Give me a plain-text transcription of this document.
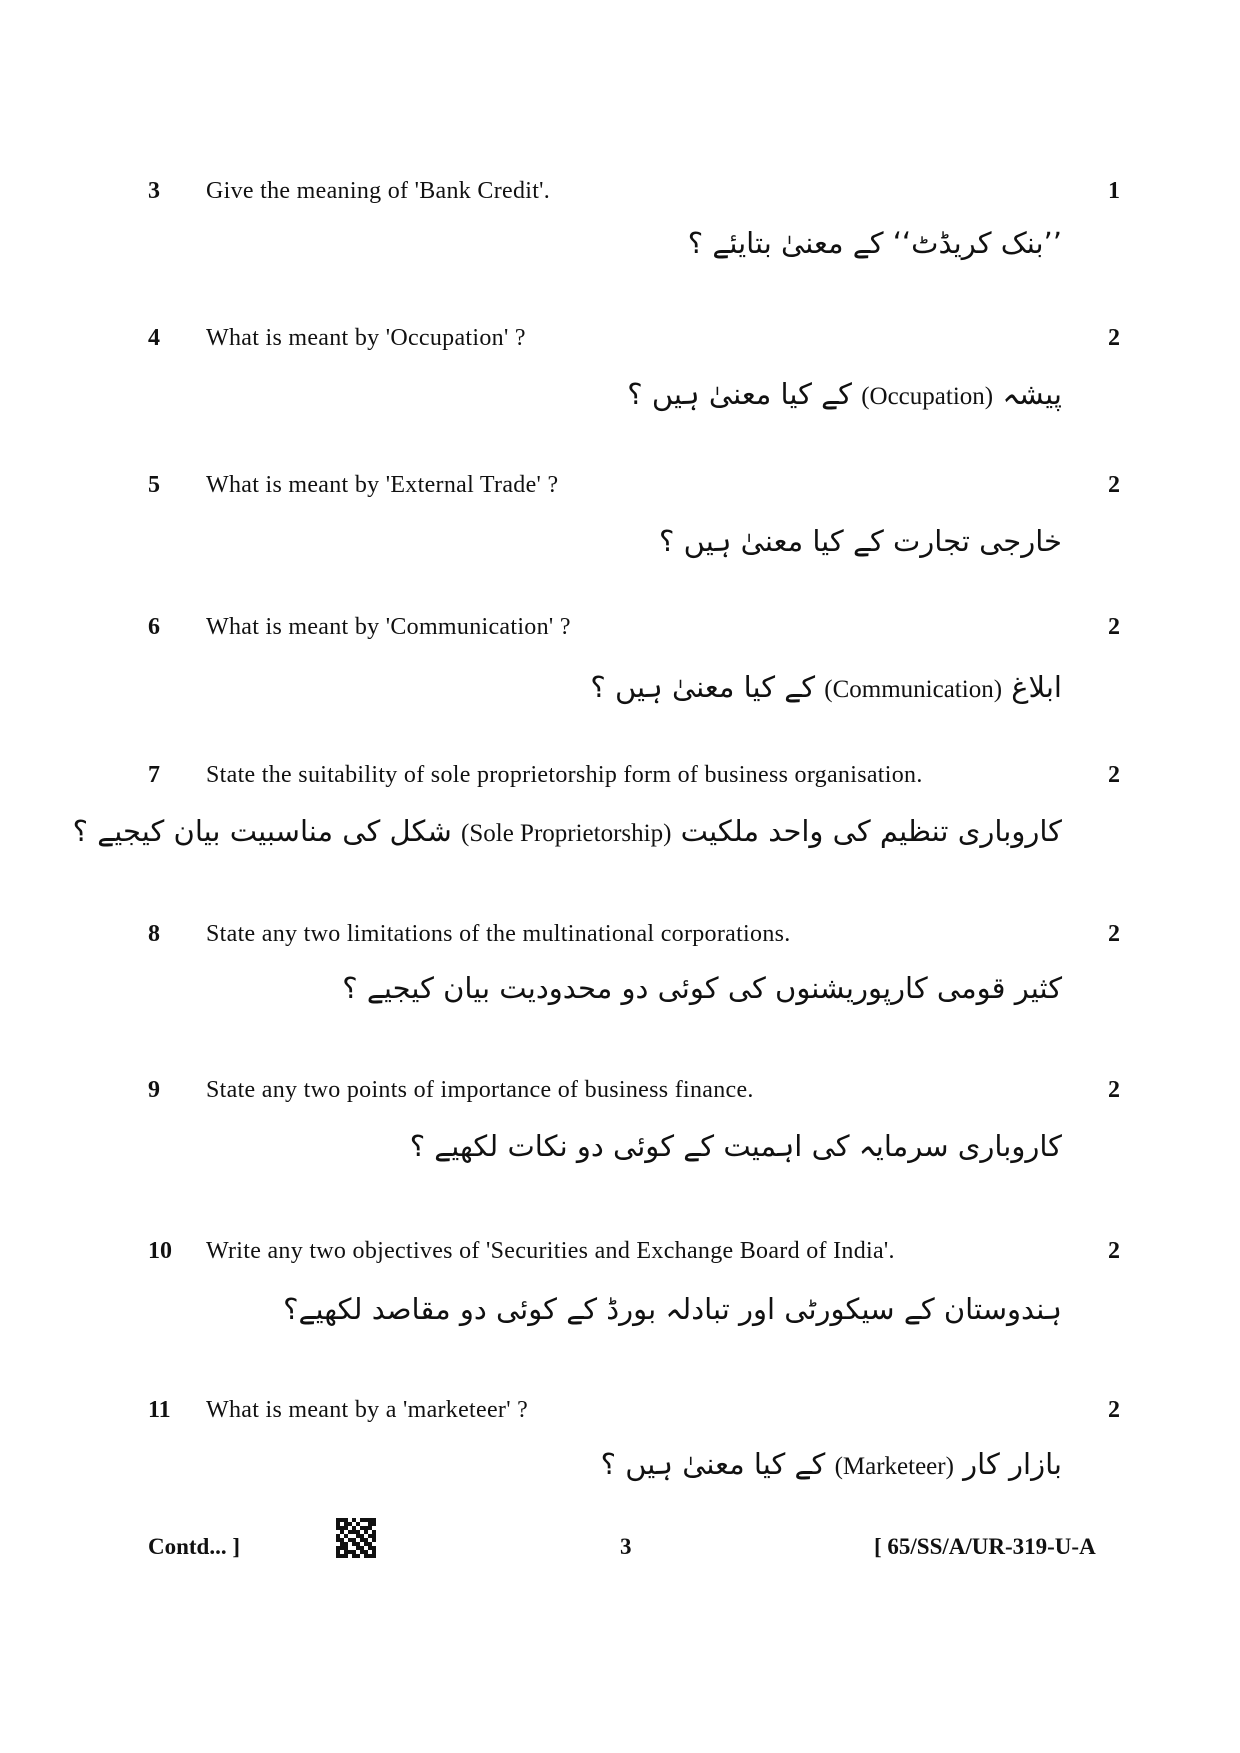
3 Give the meaning of 'Bank Credit'.	1
’’بنک کریڈٹ‘‘ کے معنیٰ بتایئے ؟
4 What is meant by 'Occupation' ?	2
پیشہ (Occupation) کے کیا معنیٰ ہیں ؟
5 What is meant by 'External Trade' ?	2
خارجی تجارت کے کیا معنیٰ ہیں ؟
6 What is meant by 'Communication' ?	2
ابلاغ (Communication) کے کیا معنیٰ ہیں ؟
7 State the suitability of sole proprietorship form of business organisation.	2
کاروباری تنظیم کی واحد ملکیت (Sole Proprietorship) شکل کی مناسبیت بیان کیجیے ؟
8 State any two limitations of the multinational corporations.	2
کثیر قومی کارپوریشنوں کی کوئی دو محدودیت بیان کیجیے ؟
9 State any two points of importance of business finance.	2
کاروباری سرمایہ کی اہمیت کے کوئی دو نکات لکھیے ؟
10 Write any two objectives of 'Securities and Exchange Board of India'.	2
ہندوستان کے سیکورٹی اور تبادلہ بورڈ کے کوئی دو مقاصد لکھیے؟
11 What is meant by a 'marketeer' ?	2
بازار کار (Marketeer) کے کیا معنیٰ ہیں ؟
Contd... ]	3	[ 65/SS/A/UR-319-U-A
